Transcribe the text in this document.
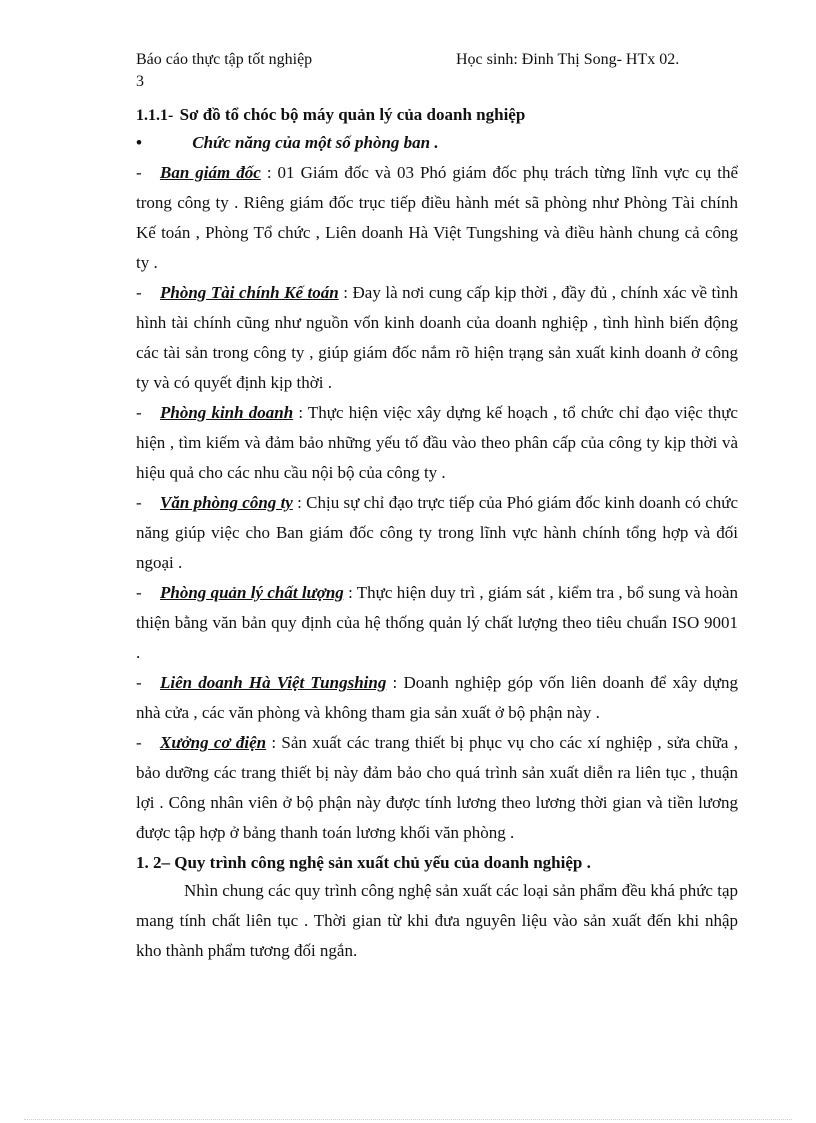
Báo cáo thực tập tốt nghiệp	Học sinh: Đinh Thị Song- HTx 02.
3
1.1.1- Sơ đồ tổ chóc bộ máy quản lý của doanh nghiệp
•	Chức năng của một số phòng ban .

- Ban giám đốc : 01 Giám đốc và 03 Phó giám đốc phụ trách từng lĩnh vực cụ thể trong công ty . Riêng giám đốc trục tiếp điều hành mét sã phòng như Phòng Tài chính Kế toán , Phòng Tổ chức , Liên doanh Hà Việt Tungshing và điều hành chung cả công ty .

- Phòng Tài chính Kế toán : Đay là nơi cung cấp kịp thời , đầy đủ , chính xác về tình hình tài chính cũng như nguồn vốn kinh doanh của doanh nghiệp , tình hình biến động các tài sản trong công ty , giúp giám đốc nắm rõ hiện trạng sản xuất kinh doanh ở công ty và có quyết định kịp thời .

- Phòng kinh doanh : Thực hiện việc xây dựng kế hoạch , tổ chức chỉ đạo việc thực hiện , tìm kiếm và đảm bảo những yếu tố đầu vào theo phân cấp của công ty kịp thời và hiệu quả cho các nhu cầu nội bộ của công ty .

- Văn phòng công ty : Chịu sự chỉ đạo trực tiếp của Phó giám đốc kinh doanh có chức năng giúp việc cho Ban giám đốc công ty trong lĩnh vực hành chính tổng hợp và đối ngoại .

- Phòng quản lý chất lượng : Thực hiện duy trì , giám sát , kiểm tra , bổ sung và hoàn thiện bằng văn bản quy định của hệ thống quản lý chất lượng theo tiêu chuẩn ISO 9001 .

- Liên doanh Hà Việt Tungshing : Doanh nghiệp góp vốn liên doanh để xây dựng nhà cửa , các văn phòng và không tham gia sản xuất ở bộ phận này .

- Xưởng cơ điện : Sản xuất các trang thiết bị phục vụ cho các xí nghiệp , sửa chữa , bảo dưỡng các trang thiết bị này đảm bảo cho quá trình sản xuất diễn ra liên tục , thuận lợi . Công nhân viên ở bộ phận này được tính lương theo lương thời gian và tiền lương được tập hợp ở bảng thanh toán lương khối văn phòng .

1. 2– Quy trình công nghệ sản xuất chủ yếu của doanh nghiệp .

Nhìn chung các quy trình công nghệ sản xuất các loại sản phẩm đều khá phức tạp mang tính chất liên tục . Thời gian từ khi đưa nguyên liệu vào sản xuất đến khi nhập kho thành phẩm tương đối ngắn.
